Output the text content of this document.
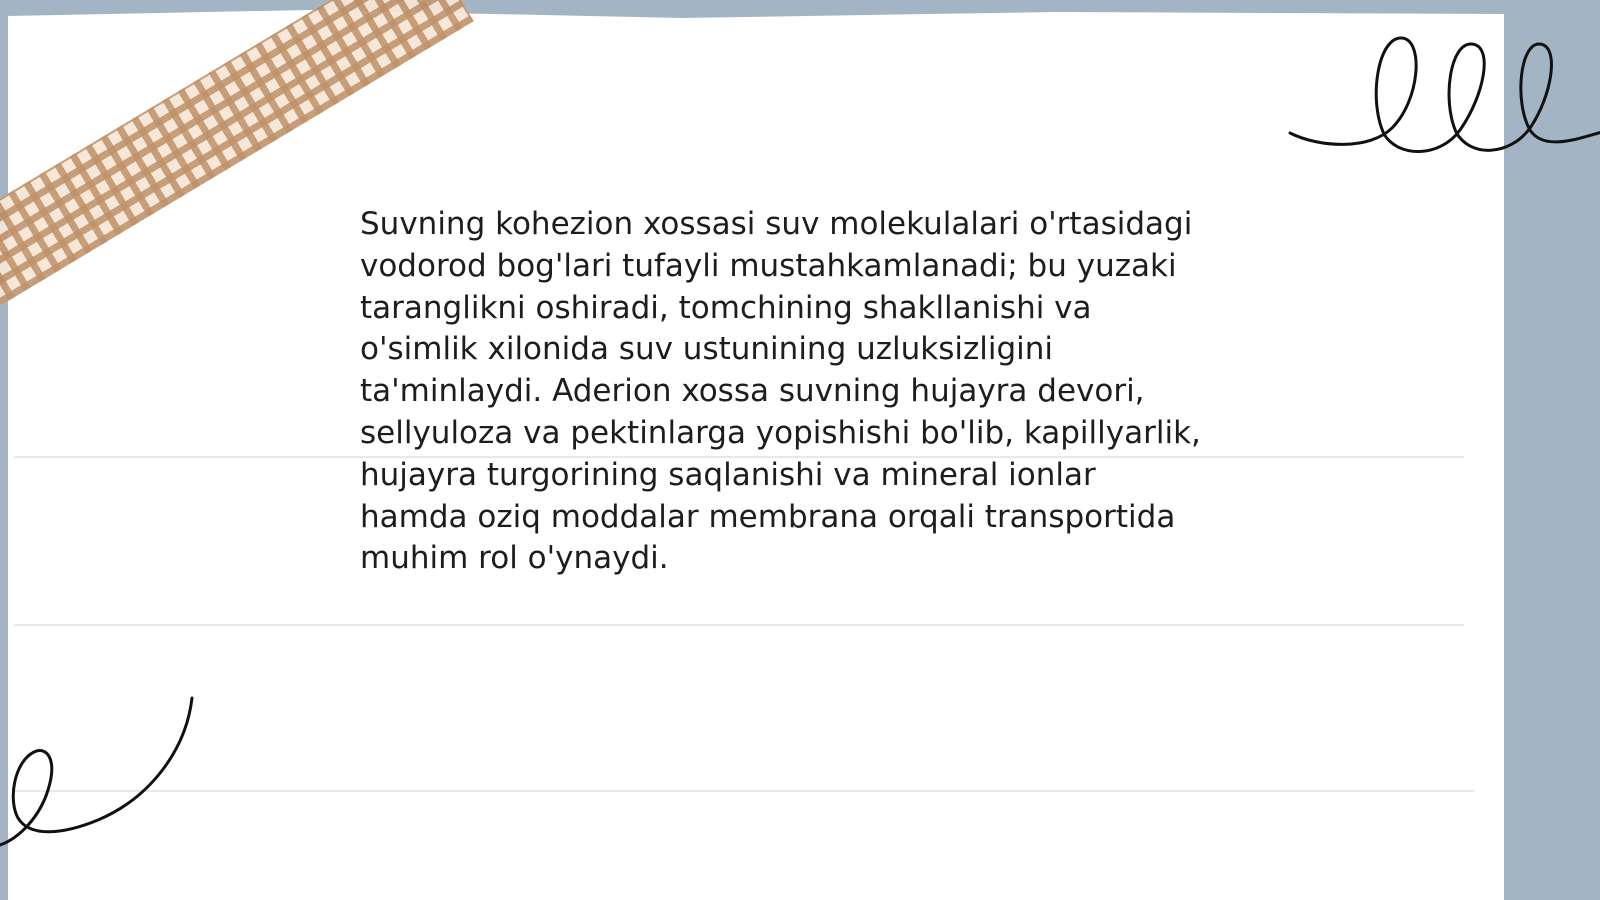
Suvning kohezion xossasi suv molekulalari o'rtasidagi
vodorod bog'lari tufayli mustahkamlanadi; bu yuzaki
taranglikni oshiradi, tomchining shakllanishi va
o'simlik xilonida suv ustunining uzluksizligini
ta'minlaydi. Aderion xossa suvning hujayra devori,
sellyuloza va pektinlarga yopishishi bo'lib, kapillyarlik,
hujayra turgorining saqlanishi va mineral ionlar
hamda oziq moddalar membrana orqali transportida
muhim rol o'ynaydi.
